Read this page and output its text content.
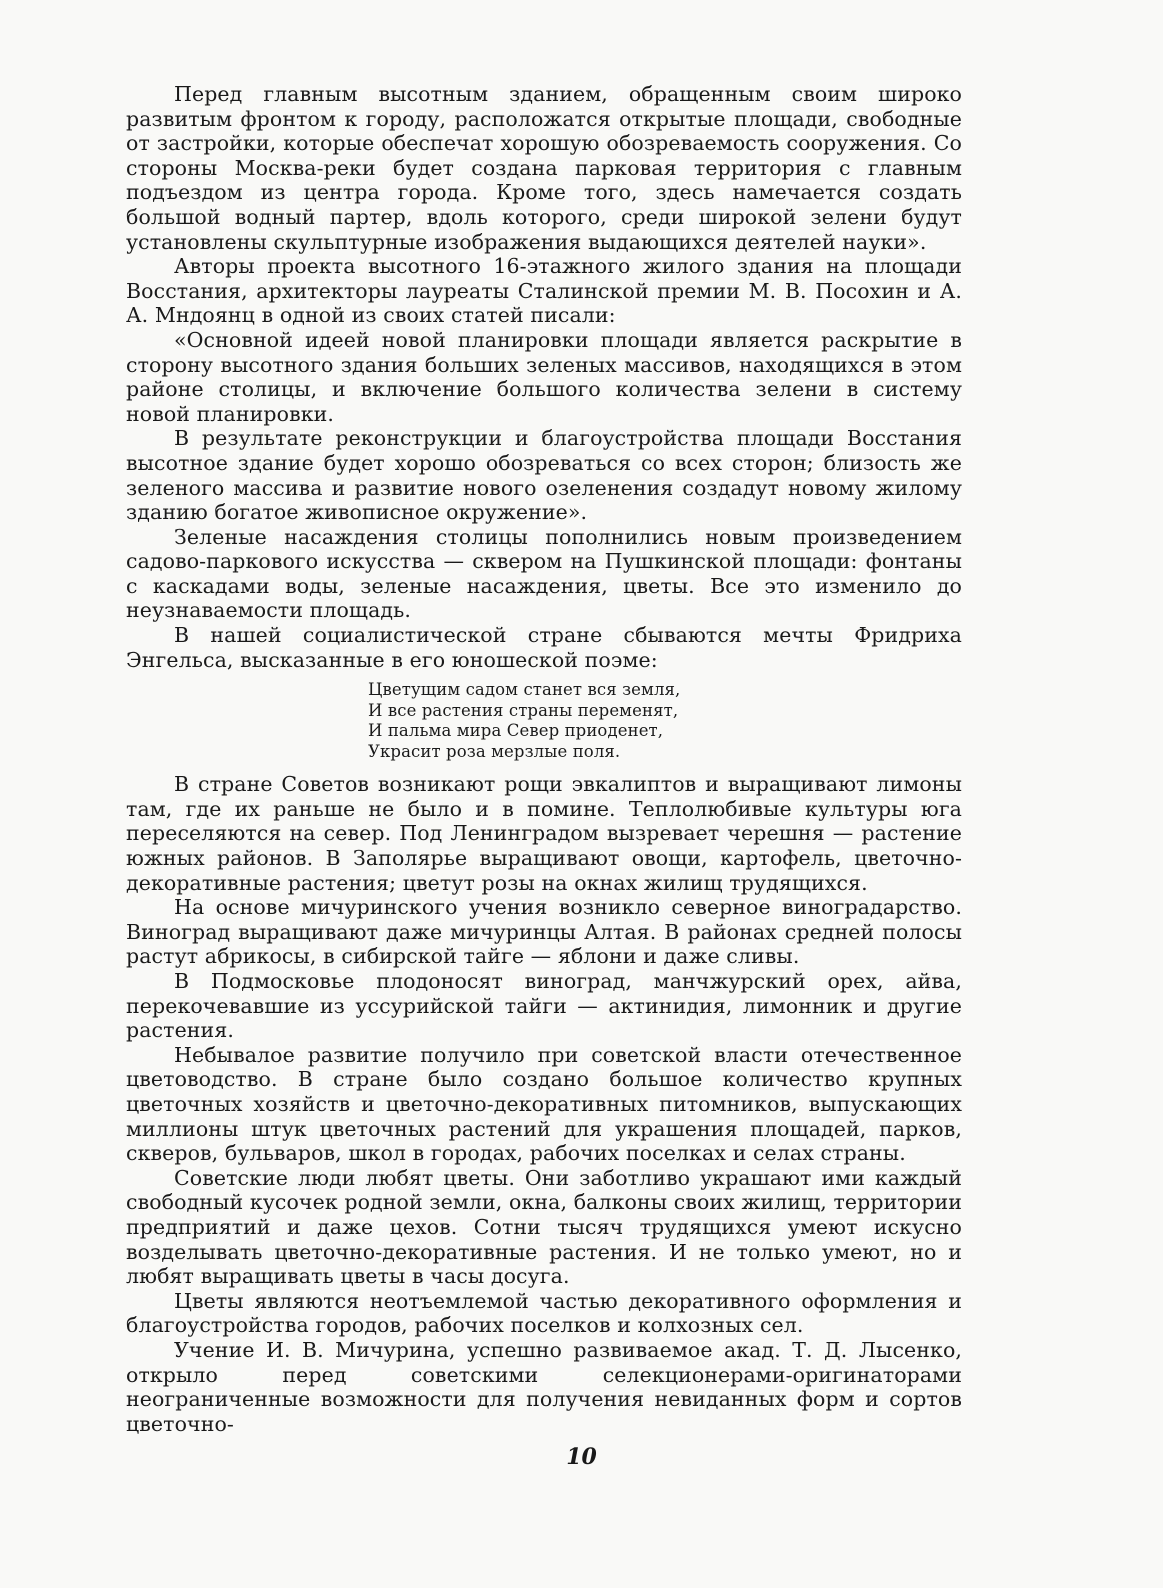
Перед главным высотным зданием, обращенным своим широко развитым фронтом к городу, расположатся открытые площади, свободные от застройки, которые обеспечат хорошую обозреваемость сооружения. Со стороны Москва-реки будет создана парковая территория с главным подъездом из центра города. Кроме того, здесь намечается создать большой водный партер, вдоль которого, среди широкой зелени будут установлены скульптурные изображения выдающихся деятелей науки».

Авторы проекта высотного 16-этажного жилого здания на площади Восстания, архитекторы лауреаты Сталинской премии М. В. Посохин и А. А. Мндоянц в одной из своих статей писали:

«Основной идеей новой планировки площади является раскрытие в сторону высотного здания больших зеленых массивов, находящихся в этом районе столицы, и включение большого количества зелени в систему новой планировки.

В результате реконструкции и благоустройства площади Восстания высотное здание будет хорошо обозреваться со всех сторон; близость же зеленого массива и развитие нового озеленения создадут новому жилому зданию богатое живописное окружение».

Зеленые насаждения столицы пополнились новым произведением садово-паркового искусства — сквером на Пушкинской площади: фонтаны с каскадами воды, зеленые насаждения, цветы. Все это изменило до неузнаваемости площадь.

В нашей социалистической стране сбываются мечты Фридриха Энгельса, высказанные в его юношеской поэме:

Цветущим садом станет вся земля,
И все растения страны переменят,
И пальма мира Север приоденет,
Украсит роза мерзлые поля.

В стране Советов возникают рощи эвкалиптов и выращивают лимоны там, где их раньше не было и в помине. Теплолюбивые культуры юга переселяются на север. Под Ленинградом вызревает черешня — растение южных районов. В Заполярье выращивают овощи, картофель, цветочно-декоративные растения; цветут розы на окнах жилищ трудящихся.

На основе мичуринского учения возникло северное виноградарство. Виноград выращивают даже мичуринцы Алтая. В районах средней полосы растут абрикосы, в сибирской тайге — яблони и даже сливы.

В Подмосковье плодоносят виноград, манчжурский орех, айва, перекочевавшие из уссурийской тайги — актинидия, лимонник и другие растения.

Небывалое развитие получило при советской власти отечественное цветоводство. В стране было создано большое количество крупных цветочных хозяйств и цветочно-декоративных питомников, выпускающих миллионы штук цветочных растений для украшения площадей, парков, скверов, бульваров, школ в городах, рабочих поселках и селах страны.

Советские люди любят цветы. Они заботливо украшают ими каждый свободный кусочек родной земли, окна, балконы своих жилищ, территории предприятий и даже цехов. Сотни тысяч трудящихся умеют искусно возделывать цветочно-декоративные растения. И не только умеют, но и любят выращивать цветы в часы досуга.

Цветы являются неотъемлемой частью декоративного оформления и благоустройства городов, рабочих поселков и колхозных сел.

Учение И. В. Мичурина, успешно развиваемое акад. Т. Д. Лысенко, открыло перед советскими селекционерами-оригинаторами неограниченные возможности для получения невиданных форм и сортов цветочно-

10
